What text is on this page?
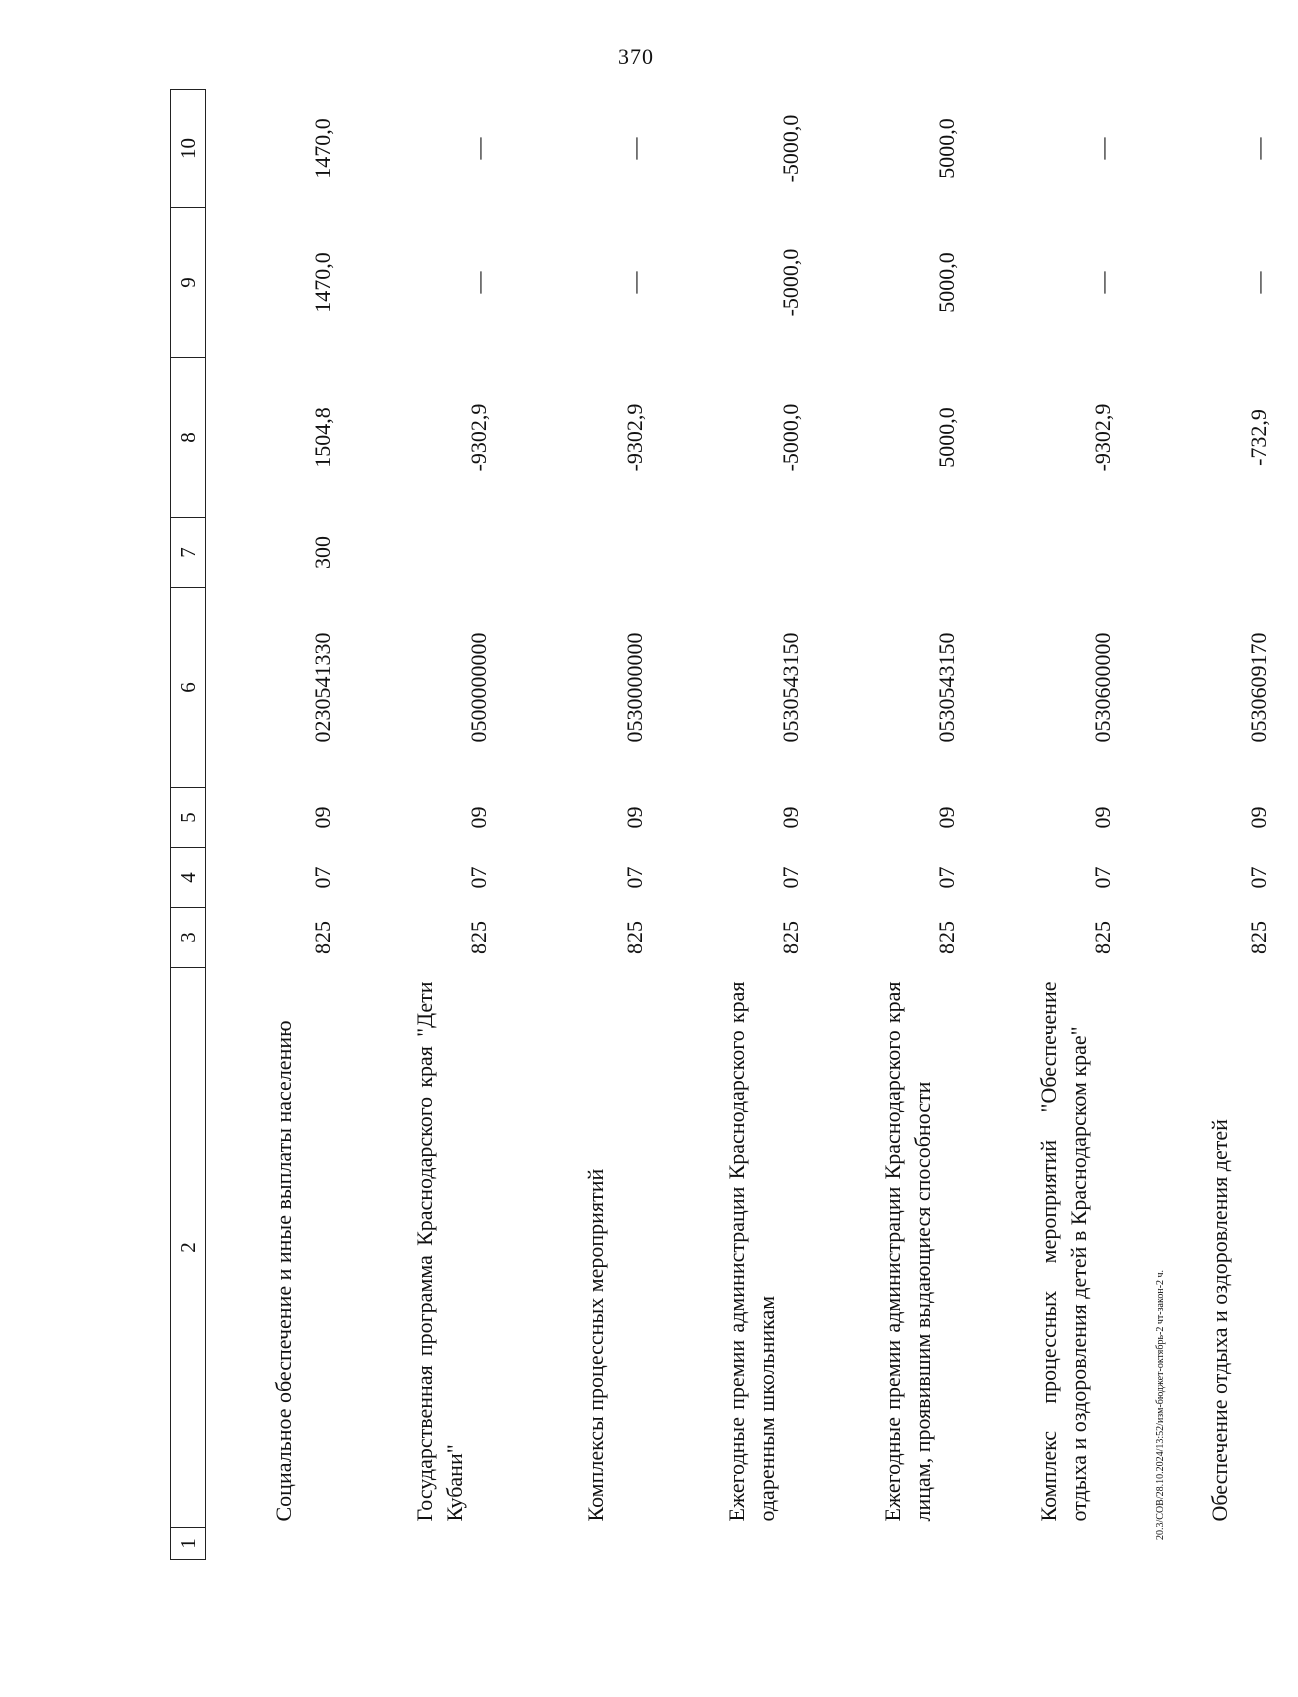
370
20.3/СОВ/28.10.2024/13:52/изм-бюджет-октябрь-2 чт-закон-2 ч.
1	2	3	4	5	6	7	8	9	10
	Социальное обеспечение и иные выплаты населению	825	07	09	0230541330	300	1504,8	1470,0	1470,0
	Государственная программа Краснодарского края "Дети Кубани"	825	07	09	0500000000		-9302,9	—	—
	Комплексы процессных мероприятий	825	07	09	0530000000		-9302,9	—	—
	Ежегодные премии администрации Краснодарского края одаренным школьникам	825	07	09	0530543150		-5000,0	-5000,0	-5000,0
	Ежегодные премии администрации Краснодарского края лицам, проявившим выдающиеся способности	825	07	09	0530543150		5000,0	5000,0	5000,0
	Комплекс процессных мероприятий "Обеспечение отдыха и оздоровления детей в Краснодарском крае"	825	07	09	0530600000		-9302,9	—	—
	Обеспечение отдыха и оздоровления детей	825	07	09	0530609170		-732,9	—	—
